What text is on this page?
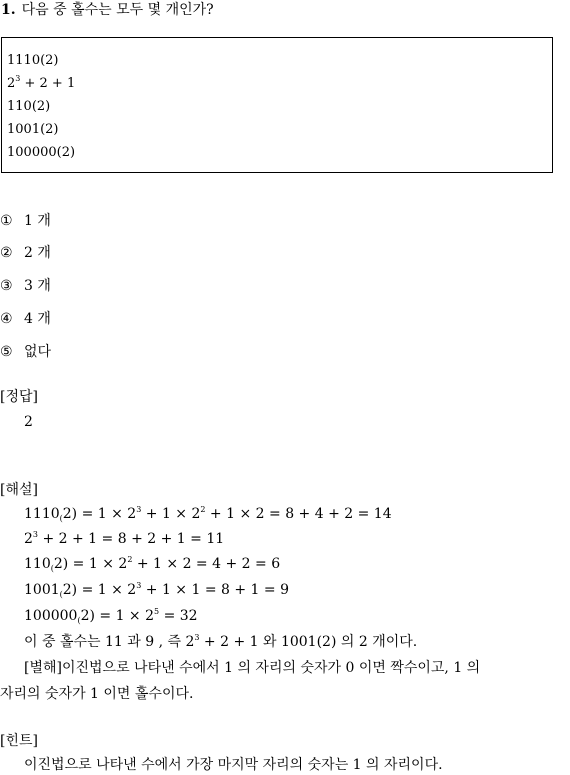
1. 다음 중 홀수는 모두 몇 개인가?
1110(2)
$2^3 + 2 + 1$
110(2)
1001(2)
100000(2)
① 1 개
② 2 개
③ 3 개
④ 4 개
⑤ 없다
[정답]
2
[해설]
$1110_(2) = 1 \times 2^3 + 1 \times 2^2 + 1 \times 2 = 8 + 4 + 2 = 14$
$2^3 + 2 + 1 = 8 + 2 + 1 = 11$
$110_(2) = 1 \times 2^2 + 1 \times 2 = 4 + 2 = 6$
$1001_(2) = 1 \times 2^3 + 1 \times 1 = 8 + 1 = 9$
$100000_(2) = 1 \times 2^5 = 32$
이 중 홀수는 11 과 9 , 즉 $2^3 + 2 + 1$ 와 1001(2) 의 2 개이다.
[별해]이진법으로 나타낸 수에서 1 의 자리의 숫자가 0 이면 짝수이고, 1 의
자리의 숫자가 1 이면 홀수이다.
[힌트]
이진법으로 나타낸 수에서 가장 마지막 자리의 숫자는 1 의 자리이다.
